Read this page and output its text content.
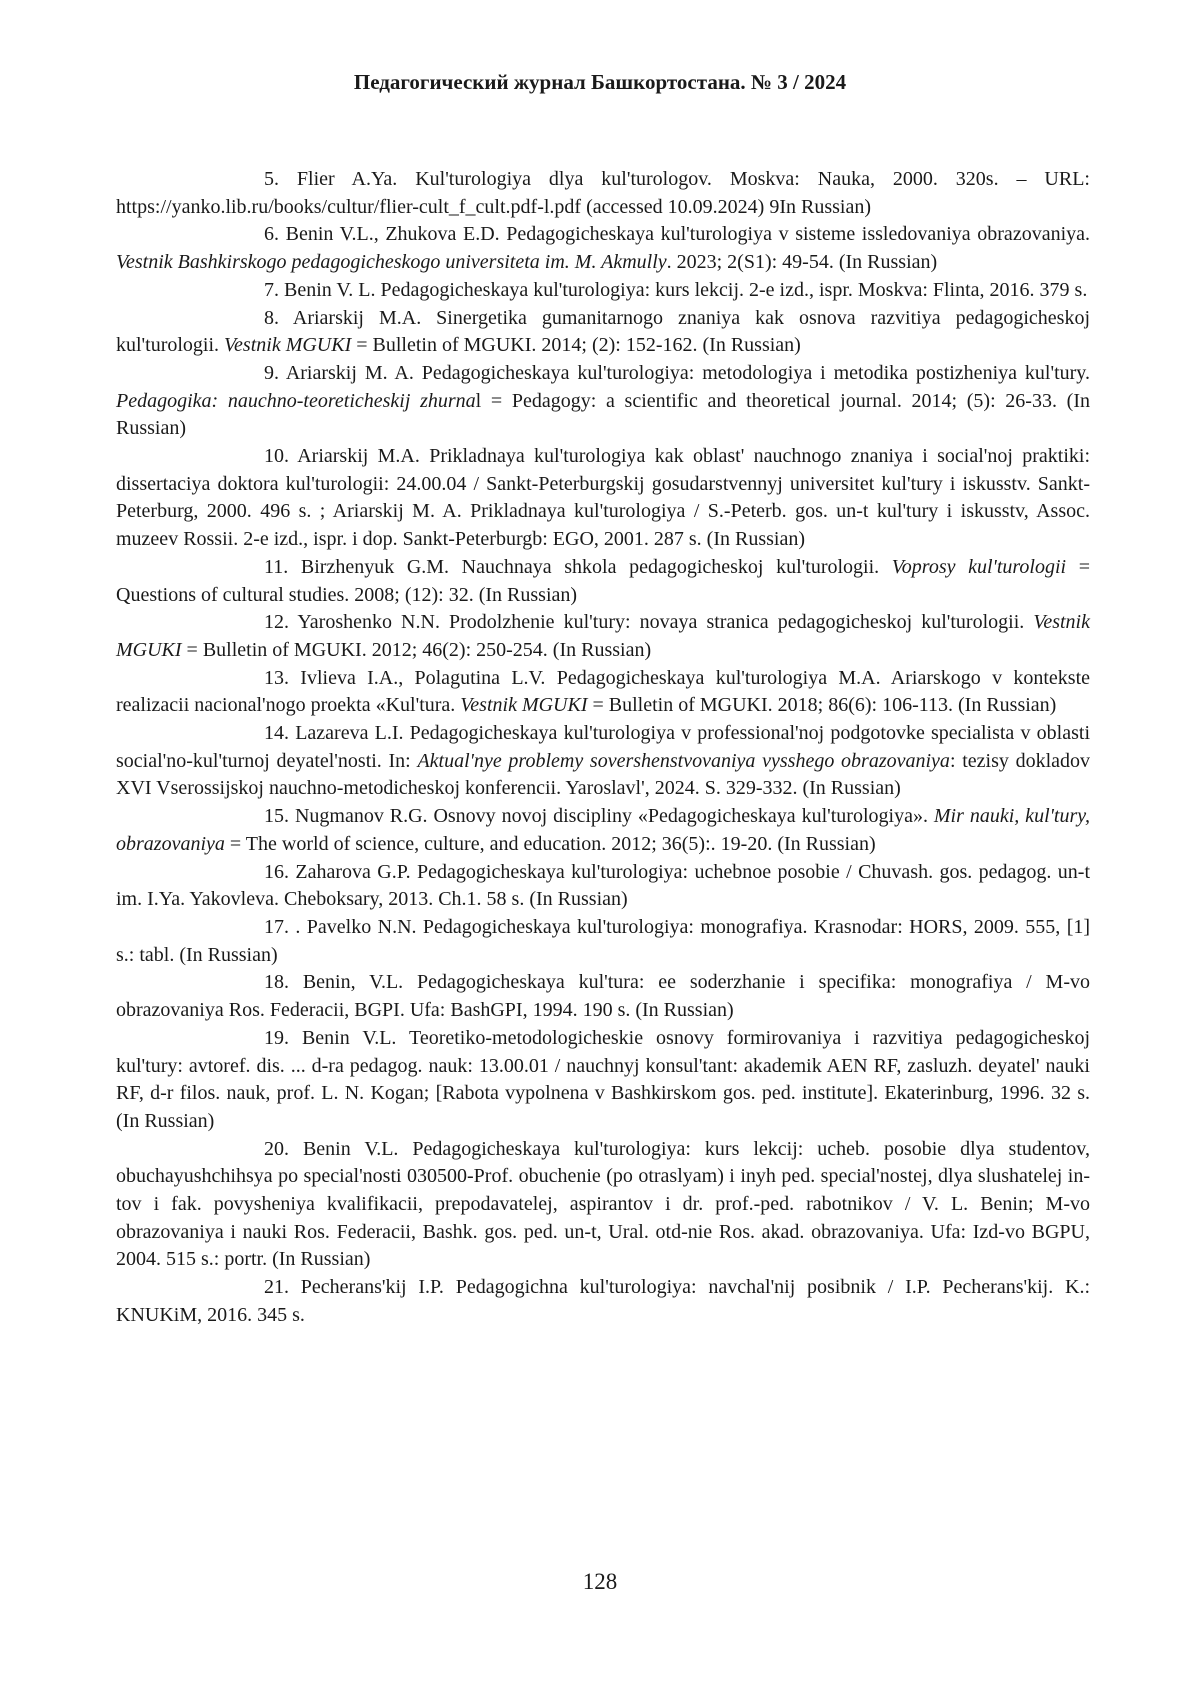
Педагогический журнал Башкортостана. № 3 / 2024

5. Flier A.Ya. Kul'turologiya dlya kul'turologov. Moskva: Nauka, 2000. 320s. – URL: https://yanko.lib.ru/books/cultur/flier-cult_f_cult.pdf-l.pdf (accessed 10.09.2024) 9In Russian)

6. Benin V.L., Zhukova E.D. Pedagogicheskaya kul'turologiya v sisteme issledovaniya obrazovaniya. Vestnik Bashkirskogo pedagogicheskogo universiteta im. M. Akmully. 2023; 2(S1): 49-54. (In Russian)

7. Benin V. L. Pedagogicheskaya kul'turologiya: kurs lekcij. 2-e izd., ispr. Moskva: Flinta, 2016. 379 s.

8. Ariarskij M.A. Sinergetika gumanitarnogo znaniya kak osnova razvitiya pedagogicheskoj kul'turologii. Vestnik MGUKI = Bulletin of MGUKI. 2014; (2): 152-162. (In Russian)

9. Ariarskij M. A. Pedagogicheskaya kul'turologiya: metodologiya i metodika postizheniya kul'tury. Pedagogika: nauchno-teoreticheskij zhurnal = Pedagogy: a scientific and theoretical journal. 2014; (5): 26-33. (In Russian)

10. Ariarskij M.A. Prikladnaya kul'turologiya kak oblast' nauchnogo znaniya i social'noj praktiki: dissertaciya doktora kul'turologii: 24.00.04 / Sankt-Peterburgskij gosudarstvennyj universitet kul'tury i iskusstv. Sankt- Peterburg, 2000. 496 s. ; Ariarskij M. A. Prikladnaya kul'turologiya / S.-Peterb. gos. un-t kul'tury i iskusstv, Assoc. muzeev Rossii. 2-e izd., ispr. i dop. Sankt-Peterburgb: EGO, 2001. 287 s. (In Russian)

11. Birzhenyuk G.M. Nauchnaya shkola pedagogicheskoj kul'turologii. Voprosy kul'turologii = Questions of cultural studies. 2008; (12): 32. (In Russian)

12. Yaroshenko N.N. Prodolzhenie kul'tury: novaya stranica pedagogicheskoj kul'turologii. Vestnik MGUKI = Bulletin of MGUKI. 2012; 46(2): 250-254. (In Russian)

13. Ivlieva I.A., Polagutina L.V. Pedagogicheskaya kul'turologiya M.A. Ariarskogo v kontekste realizacii nacional'nogo proekta «Kul'tura. Vestnik MGUKI = Bulletin of MGUKI. 2018; 86(6): 106-113. (In Russian)

14. Lazareva L.I. Pedagogicheskaya kul'turologiya v professional'noj podgotovke specialista v oblasti social'no-kul'turnoj deyatel'nosti. In: Aktual'nye problemy sovershenstvovaniya vysshego obrazovaniya: tezisy dokladov XVI Vserossijskoj nauchno-metodicheskoj konferencii. Yaroslavl', 2024. S. 329-332. (In Russian)

15. Nugmanov R.G. Osnovy novoj discipliny «Pedagogicheskaya kul'turologiya». Mir nauki, kul'tury, obrazovaniya = The world of science, culture, and education. 2012; 36(5):. 19-20. (In Russian)

16. Zaharova G.P. Pedagogicheskaya kul'turologiya: uchebnoe posobie / Chuvash. gos. pedagog. un-t im. I.Ya. Yakovleva. Cheboksary, 2013. Ch.1. 58 s. (In Russian)

17. . Pavelko N.N. Pedagogicheskaya kul'turologiya: monografiya. Krasnodar: HORS, 2009. 555, [1] s.: tabl. (In Russian)

18. Benin, V.L. Pedagogicheskaya kul'tura: ee soderzhanie i specifika: monografiya / M-vo obrazovaniya Ros. Federacii, BGPI. Ufa: BashGPI, 1994. 190 s. (In Russian)

19. Benin V.L. Teoretiko-metodologicheskie osnovy formirovaniya i razvitiya pedagogicheskoj kul'tury: avtoref. dis. ... d-ra pedagog. nauk: 13.00.01 / nauchnyj konsul'tant: akademik AEN RF, zasluzh. deyatel' nauki RF, d-r filos. nauk, prof. L. N. Kogan; [Rabota vypolnena v Bashkirskom gos. ped. institute]. Ekaterinburg, 1996. 32 s. (In Russian)

20. Benin V.L. Pedagogicheskaya kul'turologiya: kurs lekcij: ucheb. posobie dlya studentov, obuchayushchihsya po special'nosti 030500-Prof. obuchenie (po otraslyam) i inyh ped. special'nostej, dlya slushatelej in-tov i fak. povysheniya kvalifikacii, prepodavatelej, aspirantov i dr. prof.-ped. rabotnikov / V. L. Benin; M-vo obrazovaniya i nauki Ros. Federacii, Bashk. gos. ped. un-t, Ural. otd-nie Ros. akad. obrazovaniya. Ufa: Izd-vo BGPU, 2004. 515 s.: portr. (In Russian)

21. Pecherans'kij I.P. Pedagogichna kul'turologiya: navchal'nij posibnik / I.P. Pecherans'kij. K.: KNUKiM, 2016. 345 s.

128
